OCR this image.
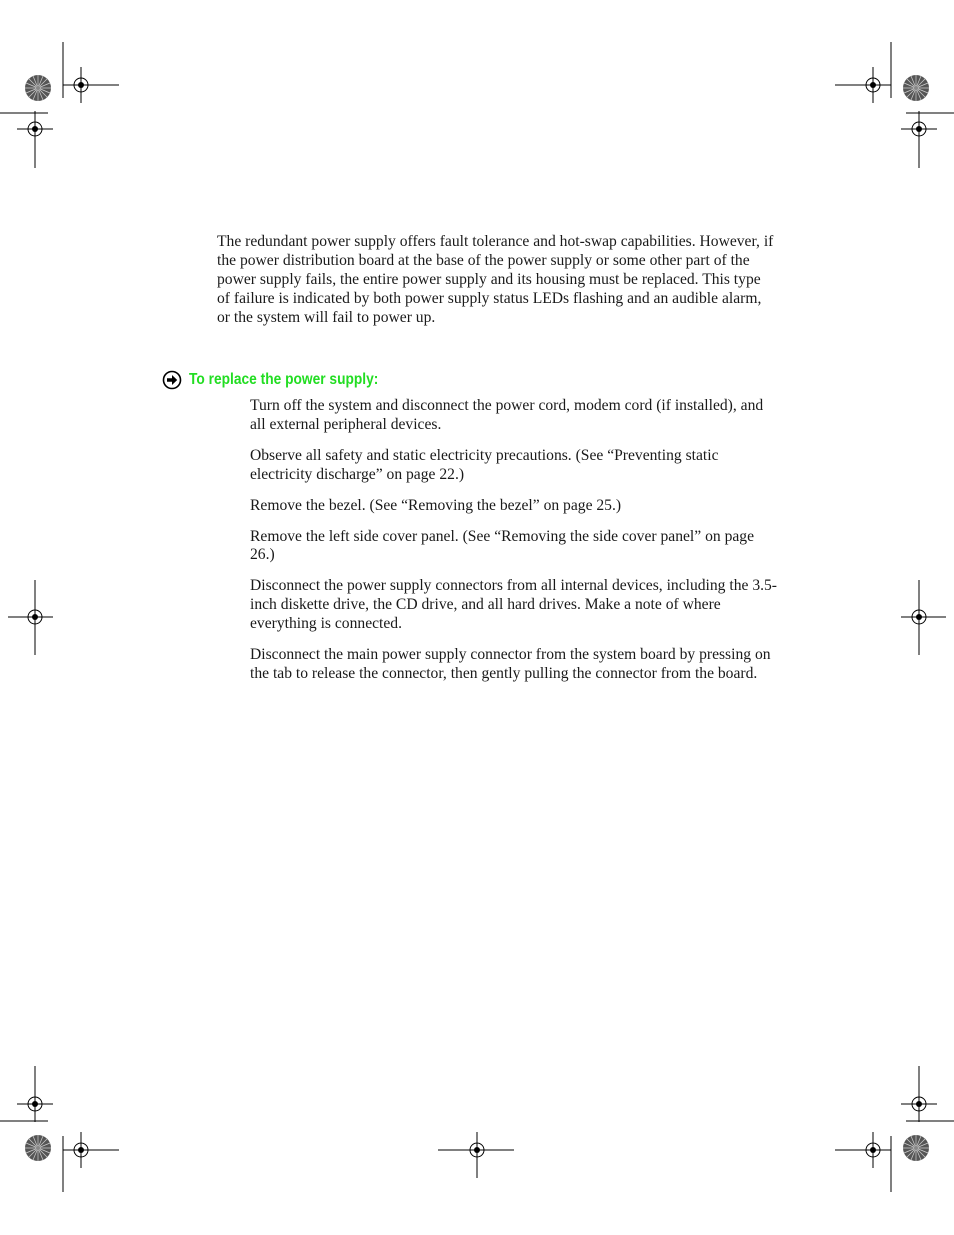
The redundant power supply offers fault tolerance and hot-swap capabilities. However, if the power distribution board at the base of the power supply or some other part of the power supply fails, the entire power supply and its housing must be replaced. This type of failure is indicated by both power supply status LEDs flashing and an audible alarm, or the system will fail to power up.

To replace the power supply:
Turn off the system and disconnect the power cord, modem cord (if installed), and all external peripheral devices.
Observe all safety and static electricity precautions. (See “Preventing static electricity discharge” on page 22.)
Remove the bezel. (See “Removing the bezel” on page 25.)
Remove the left side cover panel. (See “Removing the side cover panel” on page 26.)
Disconnect the power supply connectors from all internal devices, including the 3.5-inch diskette drive, the CD drive, and all hard drives. Make a note of where everything is connected.
Disconnect the main power supply connector from the system board by pressing on the tab to release the connector, then gently pulling the connector from the board.
